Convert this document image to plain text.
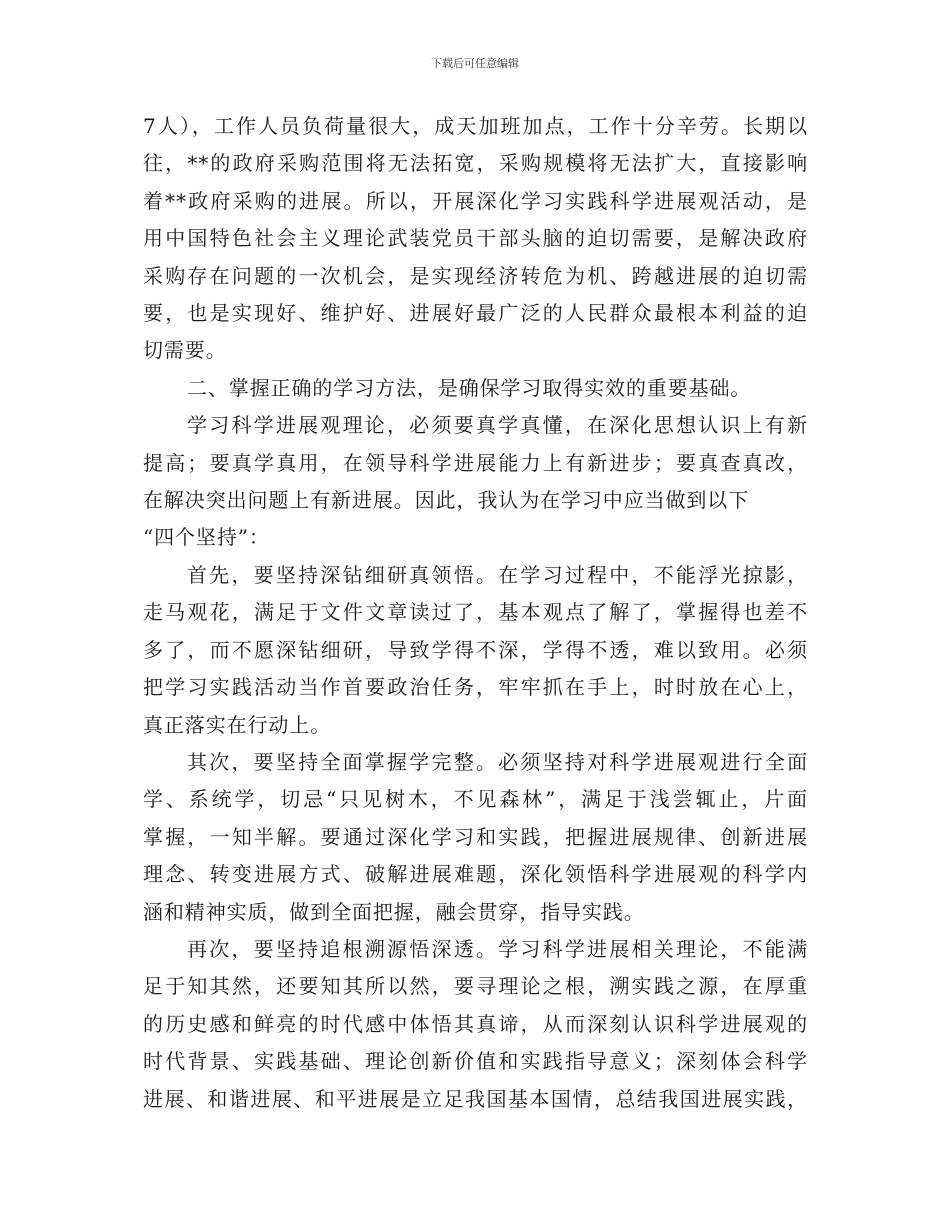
下载后可任意编辑
7人），工作人员负荷量很大，成天加班加点，工作十分辛劳。长期以
往，**的政府采购范围将无法拓宽，采购规模将无法扩大，直接影响
着**政府采购的进展。所以，开展深化学习实践科学进展观活动，是
用中国特色社会主义理论武装党员干部头脑的迫切需要，是解决政府
采购存在问题的一次机会，是实现经济转危为机、跨越进展的迫切需
要，也是实现好、维护好、进展好最广泛的人民群众最根本利益的迫
切需要。
二、掌握正确的学习方法，是确保学习取得实效的重要基础。
学习科学进展观理论，必须要真学真懂，在深化思想认识上有新
提高；要真学真用，在领导科学进展能力上有新进步；要真查真改，
在解决突出问题上有新进展。因此，我认为在学习中应当做到以下
“四个坚持”：
首先，要坚持深钻细研真领悟。在学习过程中，不能浮光掠影，
走马观花，满足于文件文章读过了，基本观点了解了，掌握得也差不
多了，而不愿深钻细研，导致学得不深，学得不透，难以致用。必须
把学习实践活动当作首要政治任务，牢牢抓在手上，时时放在心上，
真正落实在行动上。
其次，要坚持全面掌握学完整。必须坚持对科学进展观进行全面
学、系统学，切忌“只见树木，不见森林”，满足于浅尝辄止，片面
掌握，一知半解。要通过深化学习和实践，把握进展规律、创新进展
理念、转变进展方式、破解进展难题，深化领悟科学进展观的科学内
涵和精神实质，做到全面把握，融会贯穿，指导实践。
再次，要坚持追根溯源悟深透。学习科学进展相关理论，不能满
足于知其然，还要知其所以然，要寻理论之根，溯实践之源，在厚重
的历史感和鲜亮的时代感中体悟其真谛，从而深刻认识科学进展观的
时代背景、实践基础、理论创新价值和实践指导意义；深刻体会科学
进展、和谐进展、和平进展是立足我国基本国情，总结我国进展实践，
